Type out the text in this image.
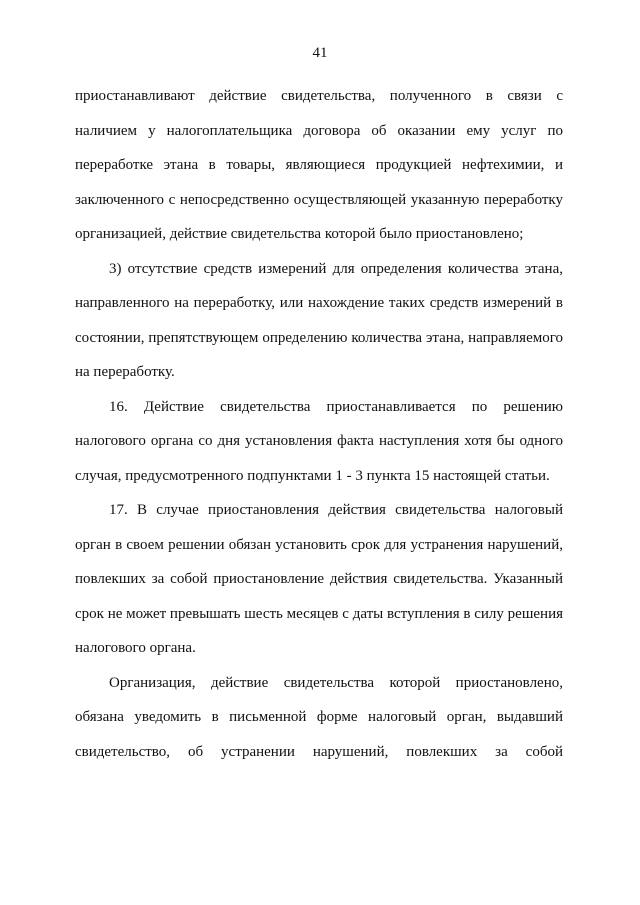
41

приостанавливают действие свидетельства, полученного в связи с наличием у налогоплательщика договора об оказании ему услуг по переработке этана в товары, являющиеся продукцией нефтехимии, и заключенного с непосредственно осуществляющей указанную переработку организацией, действие свидетельства которой было приостановлено;

3) отсутствие средств измерений для определения количества этана, направленного на переработку, или нахождение таких средств измерений в состоянии, препятствующем определению количества этана, направляемого на переработку.

16. Действие свидетельства приостанавливается по решению налогового органа со дня установления факта наступления хотя бы одного случая, предусмотренного подпунктами 1 - 3 пункта 15 настоящей статьи.

17. В случае приостановления действия свидетельства налоговый орган в своем решении обязан установить срок для устранения нарушений, повлекших за собой приостановление действия свидетельства. Указанный срок не может превышать шесть месяцев с даты вступления в силу решения налогового органа.

Организация, действие свидетельства которой приостановлено, обязана уведомить в письменной форме налоговый орган, выдавший свидетельство, об устранении нарушений, повлекших за собой
